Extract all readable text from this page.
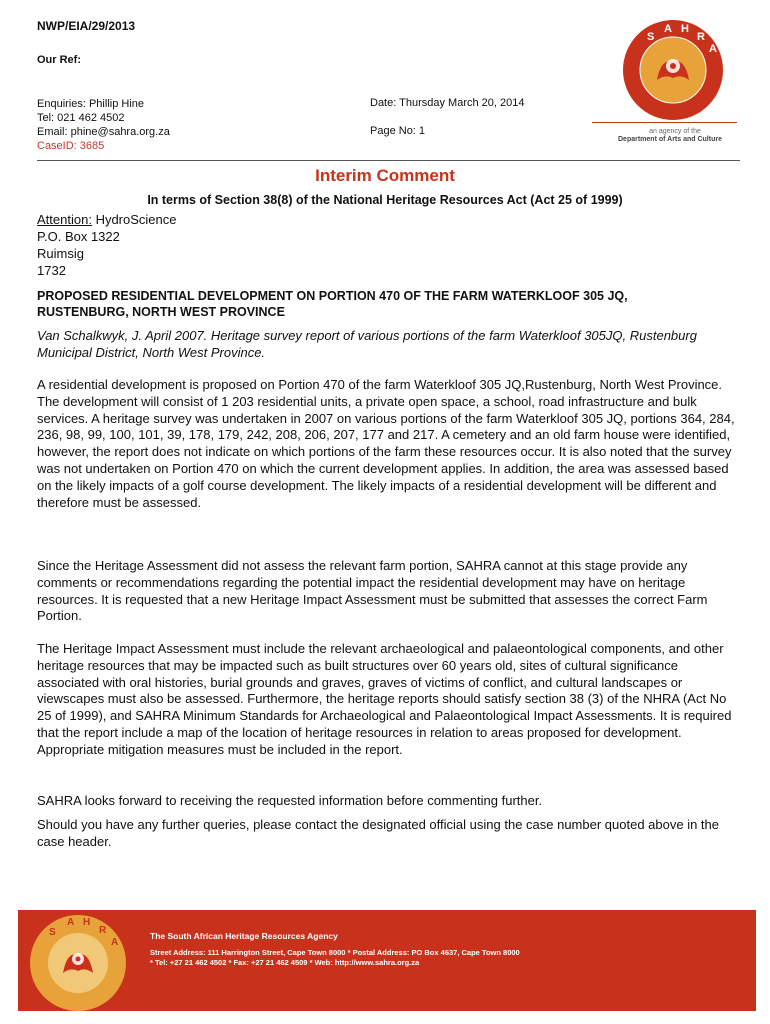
NWP/EIA/29/2013
Our Ref:
Enquiries: Phillip Hine
Tel: 021 462 4502
Email: phine@sahra.org.za
CaseID: 3685
Date: Thursday March 20, 2014
Page No: 1
S
A H
R
A
an agency of the
Department of Arts and Culture
Interim Comment
In terms of Section 38(8) of the National Heritage Resources Act (Act 25 of 1999)
Attention: HydroScience
P.O. Box 1322
Ruimsig
1732
PROPOSED RESIDENTIAL DEVELOPMENT ON PORTION 470 OF THE FARM WATERKLOOF 305 JQ,
RUSTENBURG, NORTH WEST PROVINCE
Van Schalkwyk, J. April 2007. Heritage survey report of various portions of the farm Waterkloof 305JQ, Rustenburg Municipal District, North West Province.
A residential development is proposed on Portion 470 of the farm Waterkloof 305 JQ,Rustenburg, North West Province. The development will consist of 1 203 residential units, a private open space, a school, road infrastructure and bulk services. A heritage survey was undertaken in 2007 on various portions of the farm Waterkloof 305 JQ, portions 364, 284, 236, 98, 99, 100, 101, 39, 178, 179, 242, 208, 206, 207, 177 and 217. A cemetery and an old farm house were identified, however, the report does not indicate on which portions of the farm these resources occur. It is also noted that the survey was not undertaken on Portion 470 on which the current development applies. In addition, the area was assessed based on the likely impacts of a golf course development. The likely impacts of a residential development will be different and therefore must be assessed.
Since the Heritage Assessment did not assess the relevant farm portion, SAHRA cannot at this stage provide any comments or recommendations regarding the potential impact the residential development may have on heritage resources. It is requested that a new Heritage Impact Assessment must be submitted that assesses the correct Farm Portion.
The Heritage Impact Assessment must include the relevant archaeological and palaeontological components, and other heritage resources that may be impacted such as built structures over 60 years old, sites of cultural significance associated with oral histories, burial grounds and graves, graves of victims of conflict, and cultural landscapes or viewscapes must also be assessed. Furthermore, the heritage reports should satisfy section 38 (3) of the NHRA (Act No 25 of 1999), and SAHRA Minimum Standards for Archaeological and Palaeontological Impact Assessments. It is required that the report include a map of the location of heritage resources in relation to areas proposed for development. Appropriate mitigation measures must be included in the report.
SAHRA looks forward to receiving the requested information before commenting further.
Should you have any further queries, please contact the designated official using the case number quoted above in the case header.
S
A H
R
A
The South African Heritage Resources Agency
Street Address: 111 Harrington Street, Cape Town 8000 * Postal Address: PO Box 4637, Cape Town 8000
* Tel: +27 21 462 4502 * Fax: +27 21 462 4509 * Web: http://www.sahra.org.za
